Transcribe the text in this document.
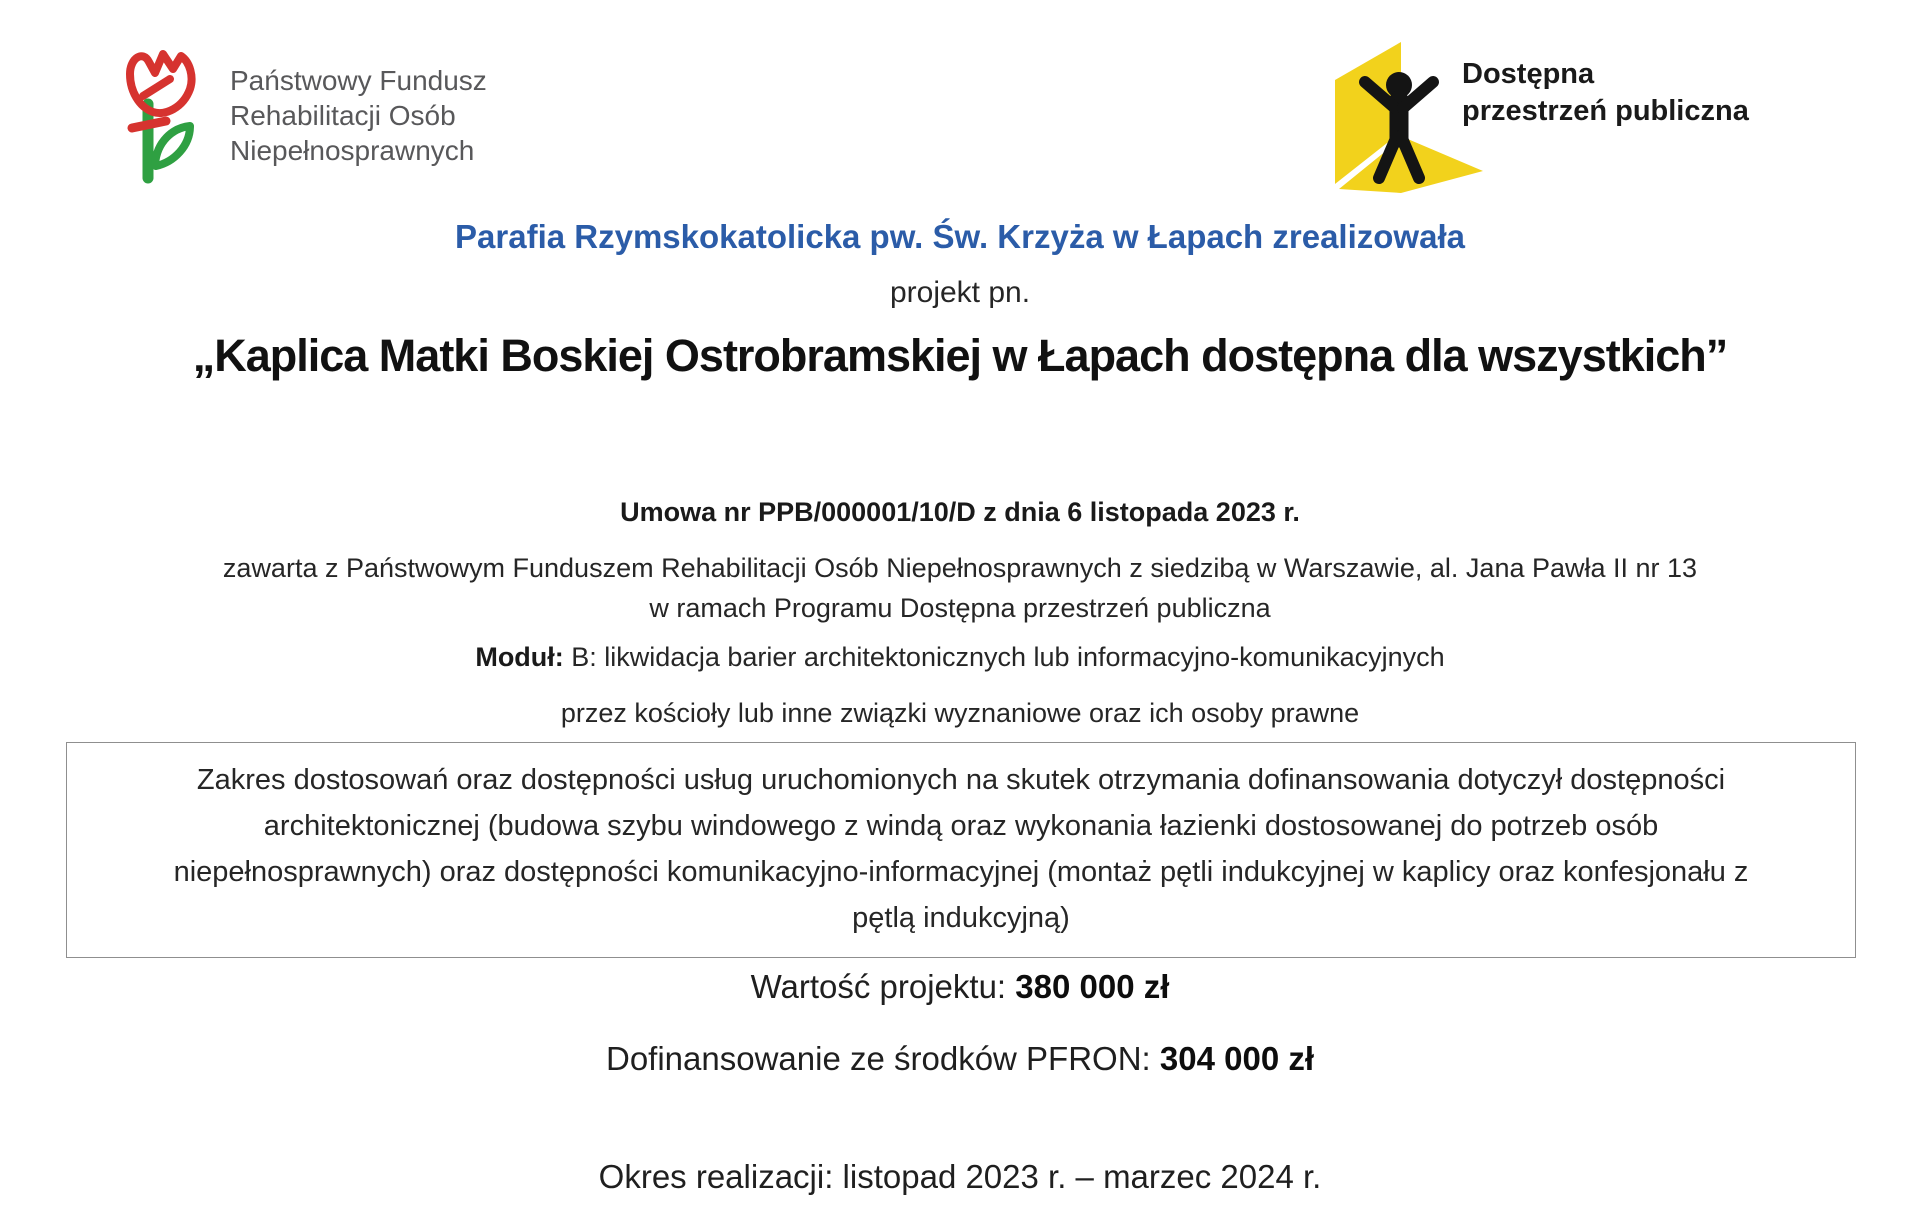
Państwowy Fundusz
Rehabilitacji Osób
Niepełnosprawnych
Dostępna
przestrzeń publiczna
Parafia Rzymskokatolicka pw. Św. Krzyża w Łapach zrealizowała
projekt pn.
„Kaplica Matki Boskiej Ostrobramskiej w Łapach dostępna dla wszystkich”
Umowa nr PPB/000001/10/D z dnia 6 listopada 2023 r.
zawarta z Państwowym Funduszem Rehabilitacji Osób Niepełnosprawnych z siedzibą w Warszawie, al. Jana Pawła II nr 13
w ramach Programu Dostępna przestrzeń publiczna
Moduł: B: likwidacja barier architektonicznych lub informacyjno-komunikacyjnych
przez kościoły lub inne związki wyznaniowe oraz ich osoby prawne
Zakres dostosowań oraz dostępności usług uruchomionych na skutek otrzymania dofinansowania dotyczył dostępności
architektonicznej (budowa szybu windowego z windą oraz wykonania łazienki dostosowanej do potrzeb osób
niepełnosprawnych) oraz dostępności komunikacyjno-informacyjnej (montaż pętli indukcyjnej w kaplicy oraz konfesjonału z
pętlą indukcyjną)
Wartość projektu: 380 000 zł
Dofinansowanie ze środków PFRON: 304 000 zł
Okres realizacji: listopad 2023 r. – marzec 2024 r.
